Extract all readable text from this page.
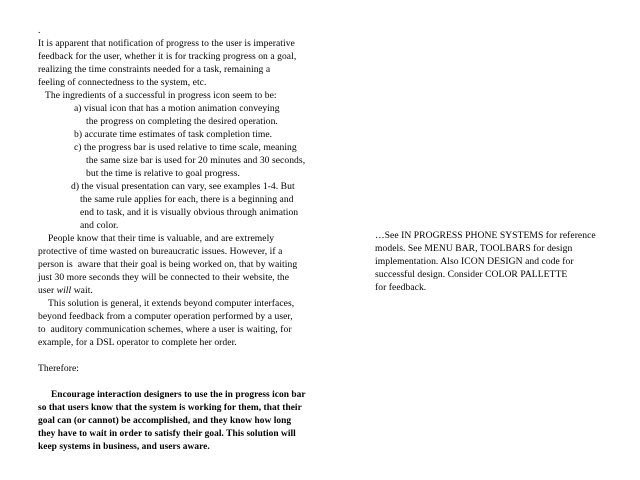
.
It is apparent that notification of progress to the user is imperative
feedback for the user, whether it is for tracking progress on a goal,
realizing the time constraints needed for a task, remaining a
feeling of connectedness to the system, etc.
The ingredients of a successful in progress icon seem to be:
a) visual icon that has a motion animation conveying
the progress on completing the desired operation.
b) accurate time estimates of task completion time.
c) the progress bar is used relative to time scale, meaning
the same size bar is used for 20 minutes and 30 seconds,
but the time is relative to goal progress.
d) the visual presentation can vary, see examples 1-4. But
the same rule applies for each, there is a beginning and
end to task, and it is visually obvious through animation
and color.
People know that their time is valuable, and are extremely
protective of time wasted on bureaucratic issues. However, if a
person is  aware that their goal is being worked on, that by waiting
just 30 more seconds they will be connected to their website, the
user will wait.
This solution is general, it extends beyond computer interfaces,
beyond feedback from a computer operation performed by a user,
to  auditory communication schemes, where a user is waiting, for
example, for a DSL operator to complete her order.
Therefore:
Encourage interaction designers to use the in progress icon bar
so that users know that the system is working for them, that their
goal can (or cannot) be accomplished, and they know how long
they have to wait in order to satisfy their goal. This solution will
keep systems in business, and users aware.
…See IN PROGRESS PHONE SYSTEMS for reference
models. See MENU BAR, TOOLBARS for design
implementation. Also ICON DESIGN and code for
successful design. Consider COLOR PALLETTE
for feedback.
